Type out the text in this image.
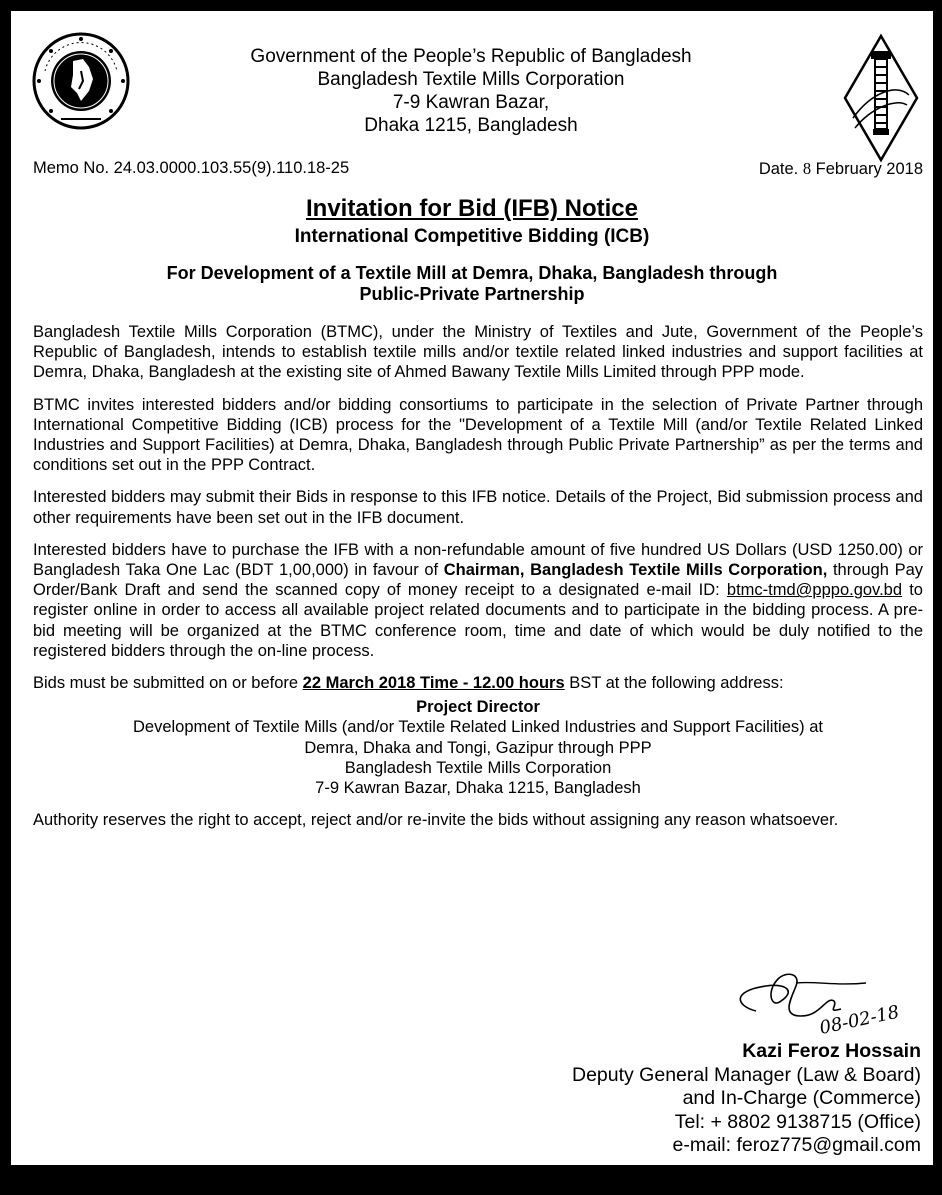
Government of the People’s Republic of Bangladesh
Bangladesh Textile Mills Corporation
7-9 Kawran Bazar,
Dhaka 1215, Bangladesh
Memo No. 24.03.0000.103.55(9).110.18-25	Date. 8 February 2018
Invitation for Bid (IFB) Notice
International Competitive Bidding (ICB)
For Development of a Textile Mill at Demra, Dhaka, Bangladesh through
Public-Private Partnership

Bangladesh Textile Mills Corporation (BTMC), under the Ministry of Textiles and Jute, Government of the People’s Republic of Bangladesh, intends to establish textile mills and/or textile related linked industries and support facilities at Demra, Dhaka, Bangladesh at the existing site of Ahmed Bawany Textile Mills Limited through PPP mode.

BTMC invites interested bidders and/or bidding consortiums to participate in the selection of Private Partner through International Competitive Bidding (ICB) process for the "Development of a Textile Mill (and/or Textile Related Linked Industries and Support Facilities) at Demra, Dhaka, Bangladesh through Public Private Partnership” as per the terms and conditions set out in the PPP Contract.

Interested bidders may submit their Bids in response to this IFB notice. Details of the Project, Bid submission process and other requirements have been set out in the IFB document.

Interested bidders have to purchase the IFB with a non-refundable amount of five hundred US Dollars (USD 1250.00) or Bangladesh Taka One Lac (BDT 1,00,000) in favour of Chairman, Bangladesh Textile Mills Corporation, through Pay Order/Bank Draft and send the scanned copy of money receipt to a designated e-mail ID: btmc-tmd@pppo.gov.bd to register online in order to access all available project related documents and to participate in the bidding process. A pre-bid meeting will be organized at the BTMC conference room, time and date of which would be duly notified to the registered bidders through the on-line process.

Bids must be submitted on or before 22 March 2018 Time - 12.00 hours BST at the following address:

Project Director
Development of Textile Mills (and/or Textile Related Linked Industries and Support Facilities) at
Demra, Dhaka and Tongi, Gazipur through PPP
Bangladesh Textile Mills Corporation
7-9 Kawran Bazar, Dhaka 1215, Bangladesh

Authority reserves the right to accept, reject and/or re-invite the bids without assigning any reason whatsoever.

08-02-18
Kazi Feroz Hossain
Deputy General Manager (Law & Board)
and In-Charge (Commerce)
Tel: + 8802 9138715 (Office)
e-mail: feroz775@gmail.com
